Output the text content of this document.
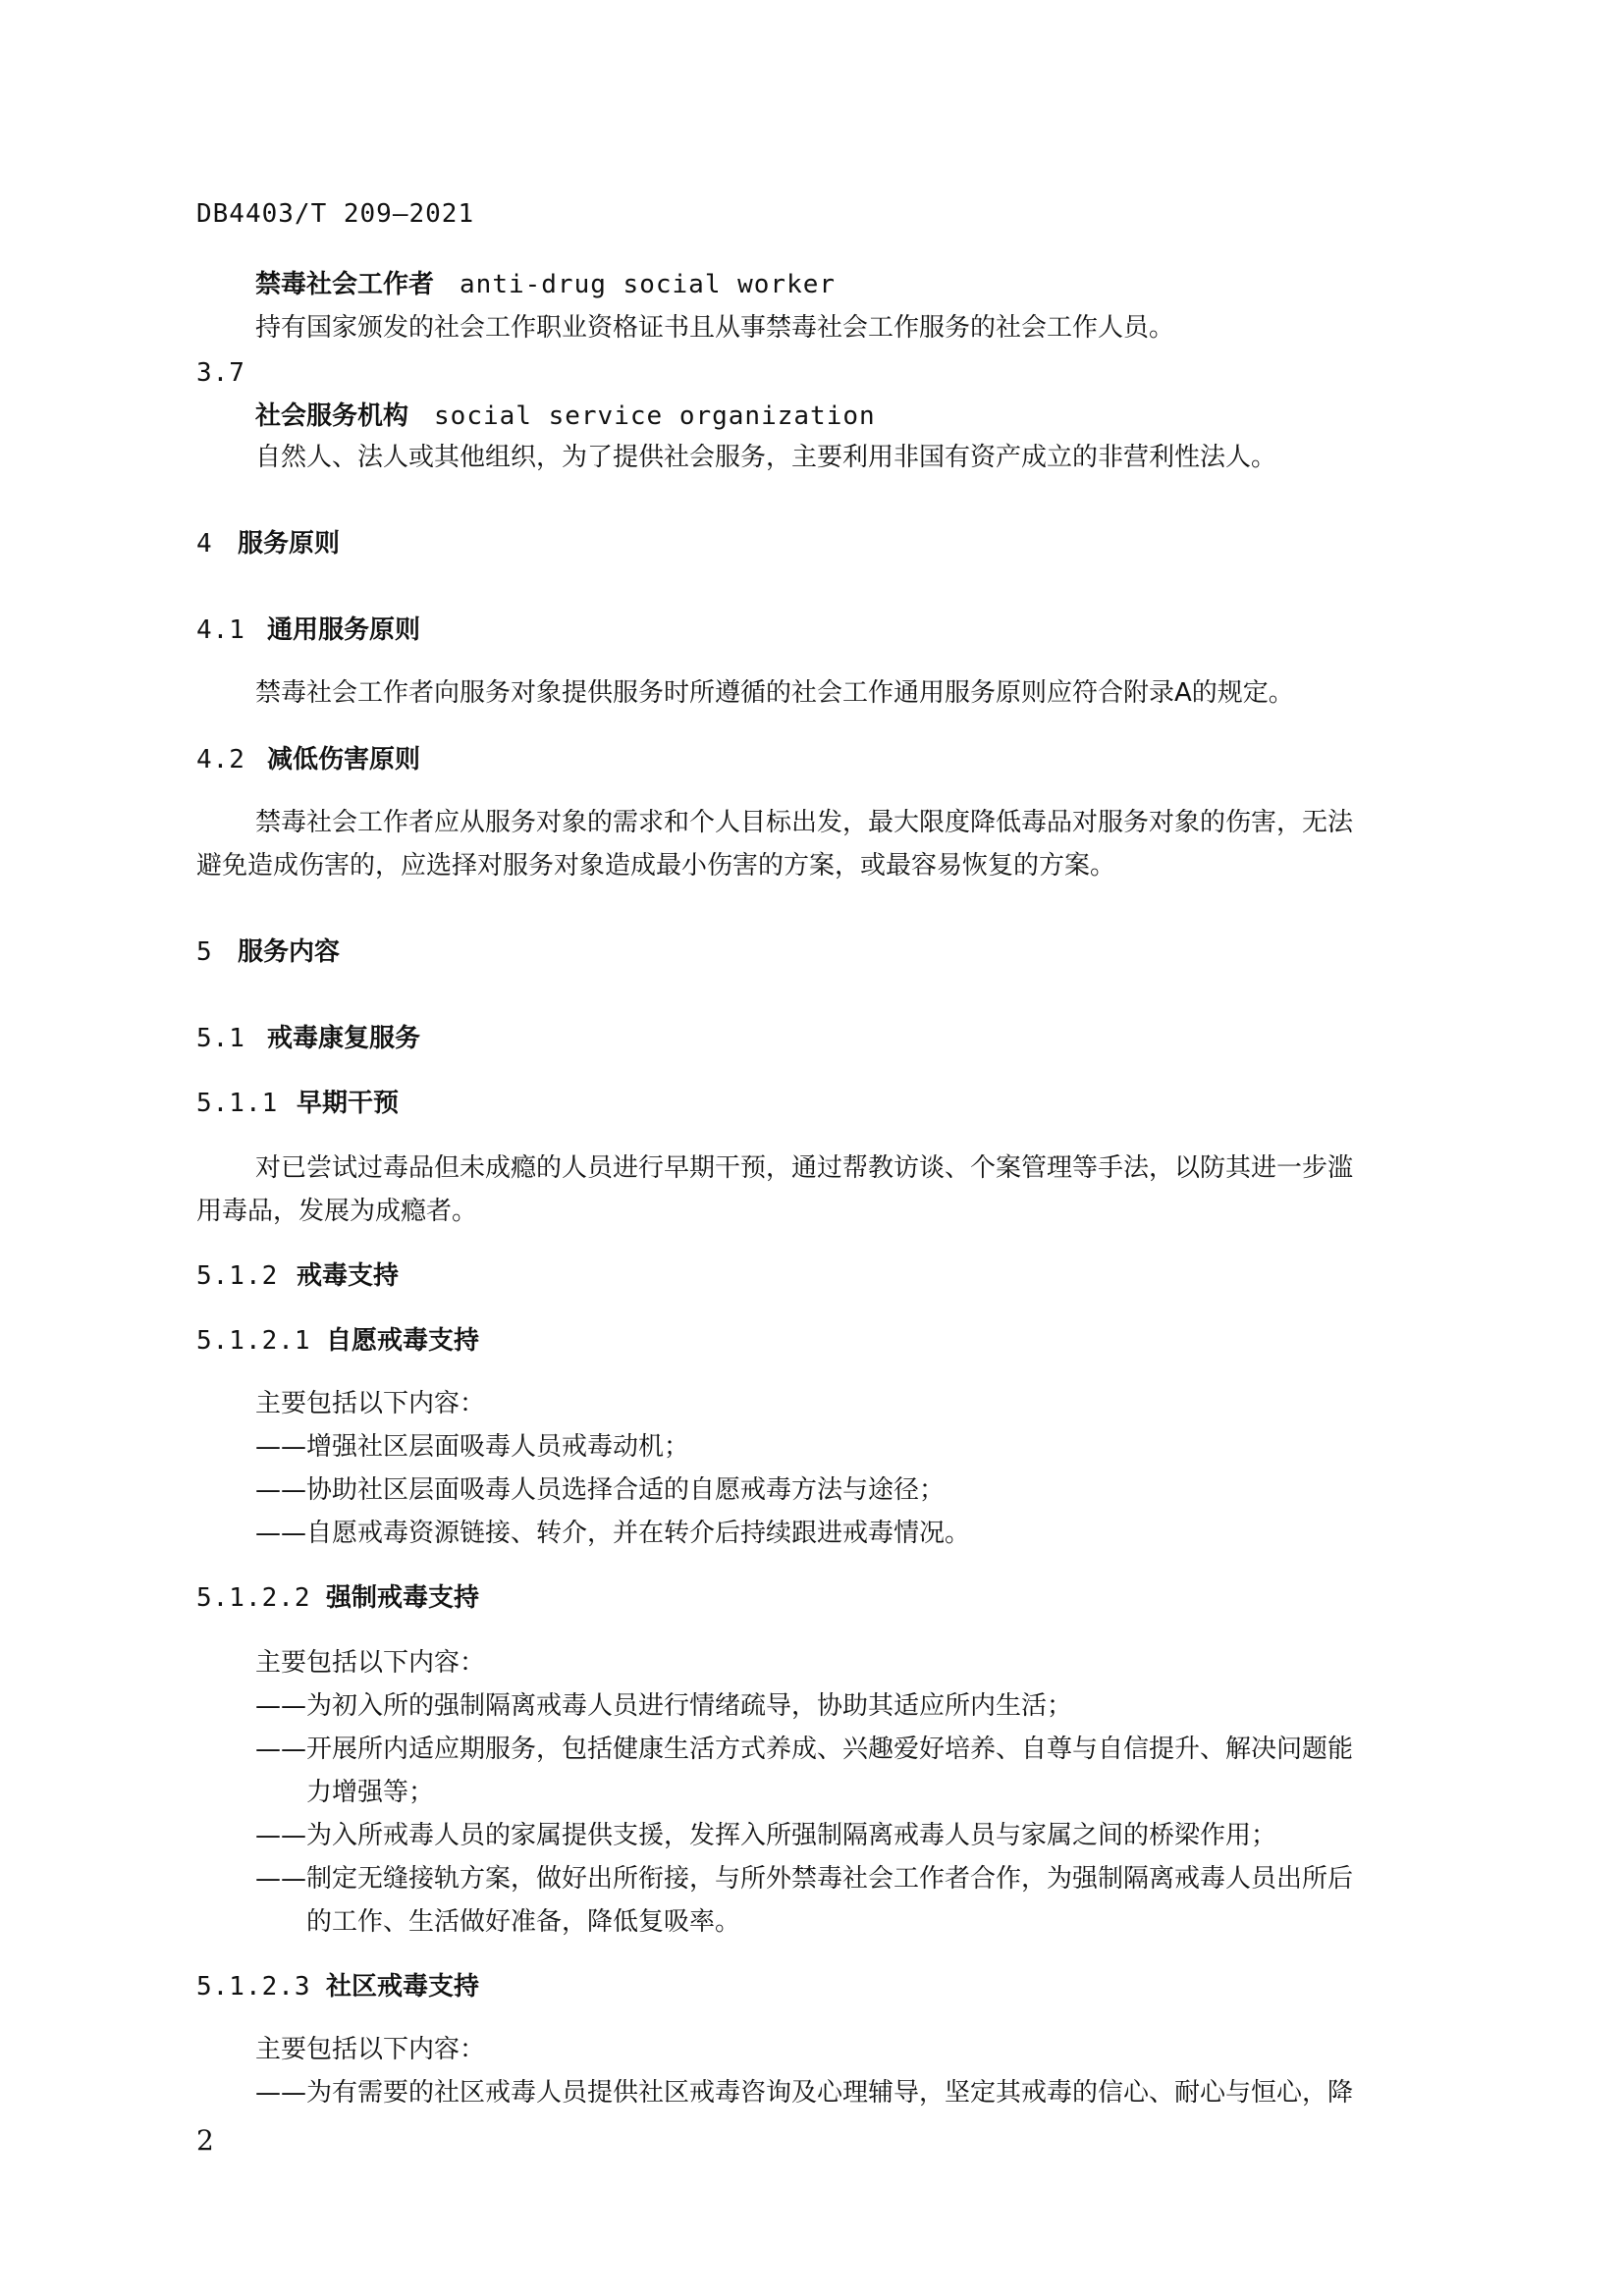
DB4403/T 209—2021
禁毒社会工作者 anti-drug social worker
持有国家颁发的社会工作职业资格证书且从事禁毒社会工作服务的社会工作人员。
3.7
社会服务机构 social service organization
自然人、法人或其他组织，为了提供社会服务，主要利用非国有资产成立的非营利性法人。
4 服务原则
4.1 通用服务原则
禁毒社会工作者向服务对象提供服务时所遵循的社会工作通用服务原则应符合附录A的规定。
4.2 减低伤害原则
禁毒社会工作者应从服务对象的需求和个人目标出发，最大限度降低毒品对服务对象的伤害，无法
避免造成伤害的，应选择对服务对象造成最小伤害的方案，或最容易恢复的方案。
5 服务内容
5.1 戒毒康复服务
5.1.1 早期干预
对已尝试过毒品但未成瘾的人员进行早期干预，通过帮教访谈、个案管理等手法，以防其进一步滥
用毒品，发展为成瘾者。
5.1.2 戒毒支持
5.1.2.1 自愿戒毒支持
主要包括以下内容：
——增强社区层面吸毒人员戒毒动机；
——协助社区层面吸毒人员选择合适的自愿戒毒方法与途径；
——自愿戒毒资源链接、转介，并在转介后持续跟进戒毒情况。
5.1.2.2 强制戒毒支持
主要包括以下内容：
——为初入所的强制隔离戒毒人员进行情绪疏导，协助其适应所内生活；
——开展所内适应期服务，包括健康生活方式养成、兴趣爱好培养、自尊与自信提升、解决问题能
力增强等；
——为入所戒毒人员的家属提供支援，发挥入所强制隔离戒毒人员与家属之间的桥梁作用；
——制定无缝接轨方案，做好出所衔接，与所外禁毒社会工作者合作，为强制隔离戒毒人员出所后
的工作、生活做好准备，降低复吸率。
5.1.2.3 社区戒毒支持
主要包括以下内容：
——为有需要的社区戒毒人员提供社区戒毒咨询及心理辅导，坚定其戒毒的信心、耐心与恒心，降
2
